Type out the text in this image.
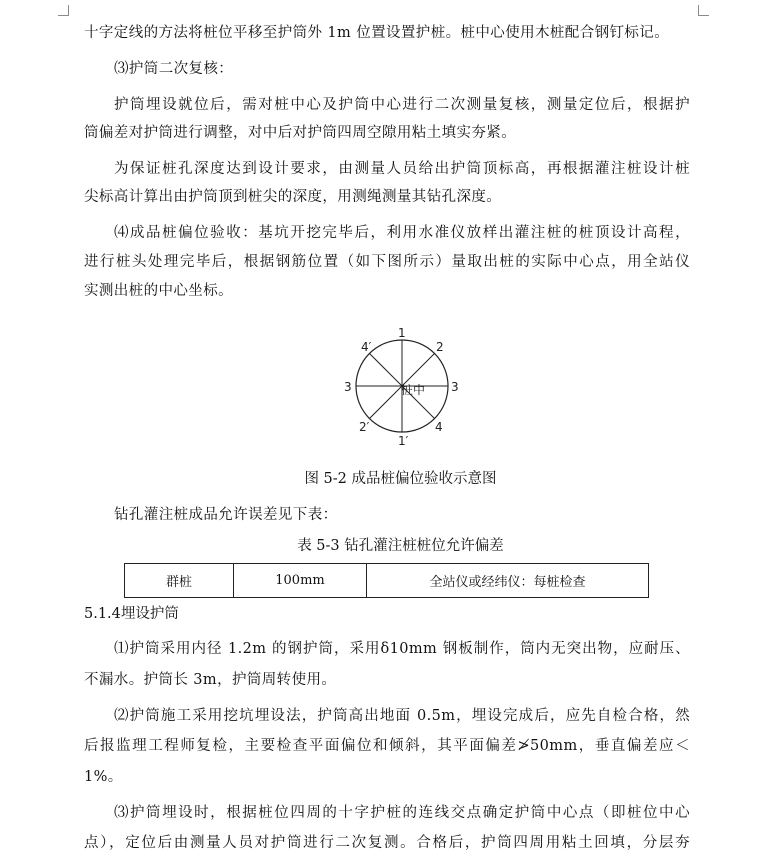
十字定线的方法将桩位平移至护筒外 1m 位置设置护桩。桩中心使用木桩配合钢钉标记。
⑶护筒二次复核：
护筒埋设就位后，需对桩中心及护筒中心进行二次测量复核，测量定位后，根据护
筒偏差对护筒进行调整，对中后对护筒四周空隙用粘土填实夯紧。
为保证桩孔深度达到设计要求，由测量人员给出护筒顶标高，再根据灌注桩设计桩
尖标高计算出由护筒顶到桩尖的深度，用测绳测量其钻孔深度。
⑷成品桩偏位验收：基坑开挖完毕后，利用水准仪放样出灌注桩的桩顶设计高程，
进行桩头处理完毕后，根据钢筋位置（如下图所示）量取出桩的实际中心点，用全站仪
实测出桩的中心坐标。
1
1′
3	3
4′	2
2′	4
桩中
图 5-2 成品桩偏位验收示意图
钻孔灌注桩成品允许误差见下表：
表 5-3 钻孔灌注桩桩位允许偏差
群桩	100mm	全站仪或经纬仪：每桩检查
5.1.4埋设护筒
⑴护筒采用内径 1.2m 的钢护筒，采用δ10mm 钢板制作，筒内无突出物，应耐压、
不漏水。护筒长 3m，护筒周转使用。
⑵护筒施工采用挖坑埋设法，护筒高出地面 0.5m，埋设完成后，应先自检合格，然
后报监理工程师复检，主要检查平面偏位和倾斜，其平面偏差≯50mm，垂直偏差应＜
1%。
⑶护筒埋设时，根据桩位四周的十字护桩的连线交点确定护筒中心点（即桩位中心
点），定位后由测量人员对护筒进行二次复测。合格后，护筒四周用粘土回填，分层夯
